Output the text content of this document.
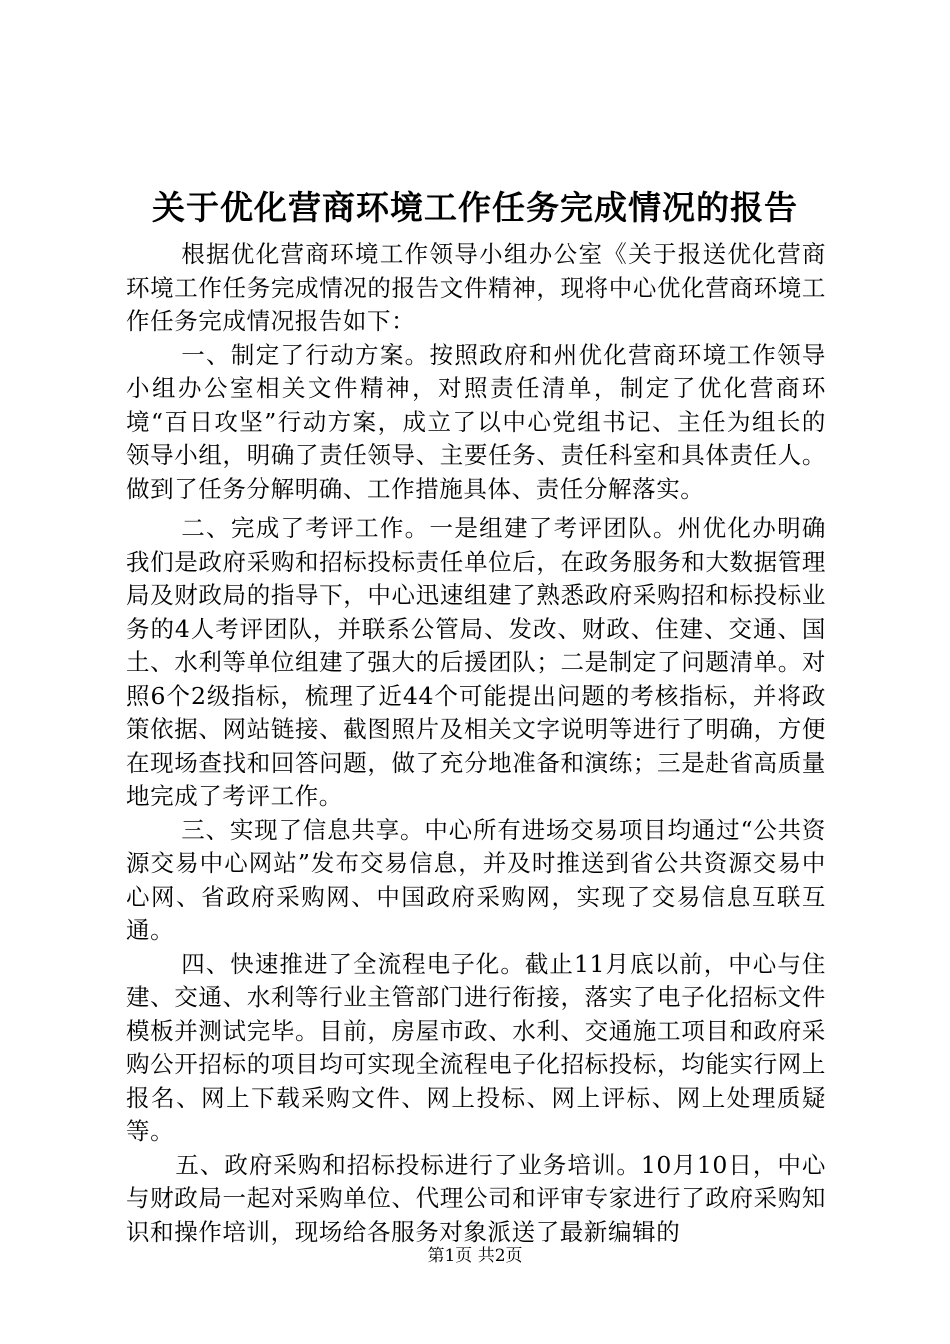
关于优化营商环境工作任务完成情况的报告

根据优化营商环境工作领导小组办公室《关于报送优化营商环境工作任务完成情况的报告文件精神，现将中心优化营商环境工作任务完成情况报告如下：

一、制定了行动方案。按照政府和州优化营商环境工作领导小组办公室相关文件精神，对照责任清单，制定了优化营商环境“百日攻坚”行动方案，成立了以中心党组书记、主任为组长的领导小组，明确了责任领导、主要任务、责任科室和具体责任人。做到了任务分解明确、工作措施具体、责任分解落实。

二、完成了考评工作。一是组建了考评团队。州优化办明确我们是政府采购和招标投标责任单位后，在政务服务和大数据管理局及财政局的指导下，中心迅速组建了熟悉政府采购招和标投标业务的4人考评团队，并联系公管局、发改、财政、住建、交通、国土、水利等单位组建了强大的后援团队；二是制定了问题清单。对照6个2级指标，梳理了近44个可能提出问题的考核指标，并将政策依据、网站链接、截图照片及相关文字说明等进行了明确，方便在现场查找和回答问题，做了充分地准备和演练；三是赴省高质量地完成了考评工作。

三、实现了信息共享。中心所有进场交易项目均通过“公共资源交易中心网站”发布交易信息，并及时推送到省公共资源交易中心网、省政府采购网、中国政府采购网，实现了交易信息互联互通。

四、快速推进了全流程电子化。截止11月底以前，中心与住建、交通、水利等行业主管部门进行衔接，落实了电子化招标文件模板并测试完毕。目前，房屋市政、水利、交通施工项目和政府采购公开招标的项目均可实现全流程电子化招标投标，均能实行网上报名、网上下载采购文件、网上投标、网上评标、网上处理质疑等。

五、政府采购和招标投标进行了业务培训。10月10日，中心与财政局一起对采购单位、代理公司和评审专家进行了政府采购知识和操作培训，现场给各服务对象派送了最新编辑的

第1页 共2页
